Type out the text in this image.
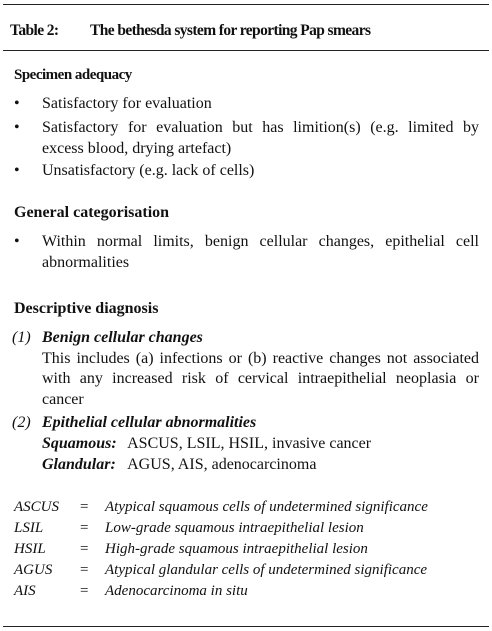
Table 2: The bethesda system for reporting Pap smears
Specimen adequacy
• Satisfactory for evaluation
• Satisfactory for evaluation but has limition(s) (e.g. limited by excess blood, drying artefact)
• Unsatisfactory (e.g. lack of cells)
General categorisation
• Within normal limits, benign cellular changes, epithelial cell abnormalities
Descriptive diagnosis
(1) Benign cellular changes
This includes (a) infections or (b) reactive changes not associated with any increased risk of cervical intraepithelial neoplasia or cancer
(2) Epithelial cellular abnormalities
Squamous: ASCUS, LSIL, HSIL, invasive cancer
Glandular: AGUS, AIS, adenocarcinoma
ASCUS = Atypical squamous cells of undetermined significance
LSIL = Low-grade squamous intraepithelial lesion
HSIL = High-grade squamous intraepithelial lesion
AGUS = Atypical glandular cells of undetermined significance
AIS	= Adenocarcinoma in situ
